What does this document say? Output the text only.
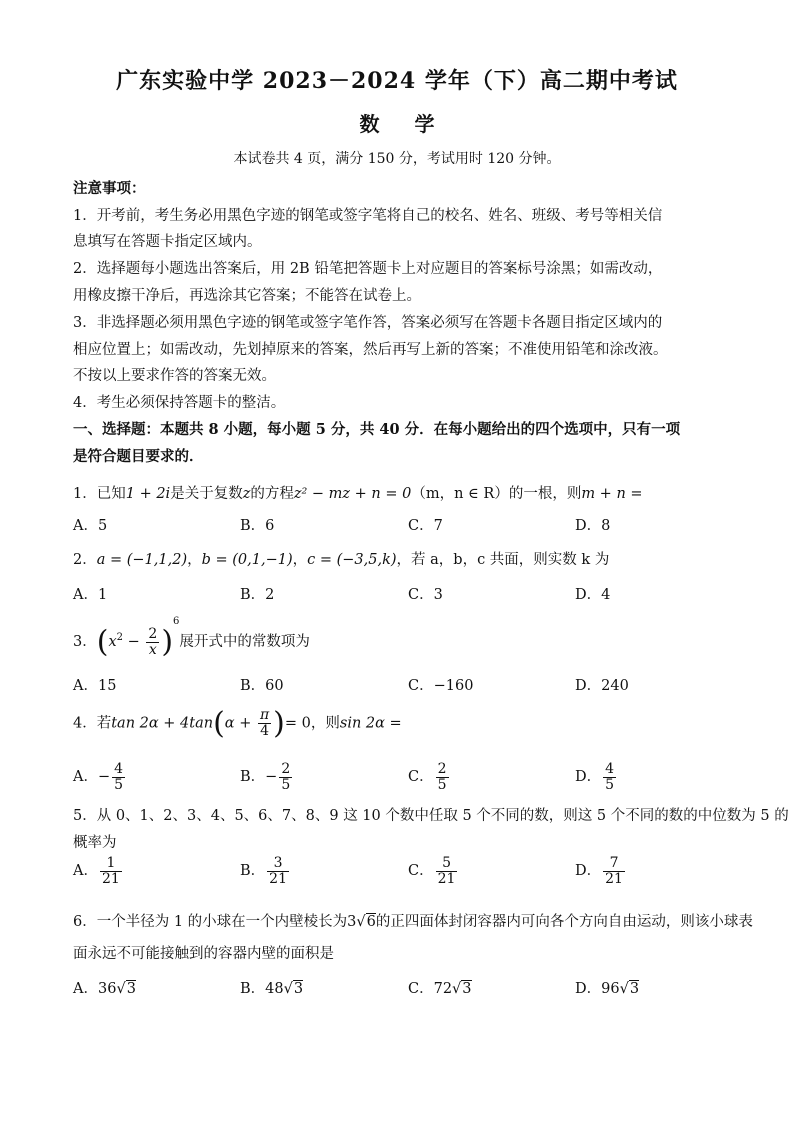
广东实验中学 2023－2024 学年（下）高二期中考试
数 学
本试卷共 4 页，满分 150 分，考试用时 120 分钟。
注意事项：
1．开考前，考生务必用黑色字迹的钢笔或签字笔将自己的校名、姓名、班级、考号等相关信
息填写在答题卡指定区域内。
2．选择题每小题选出答案后，用 2B 铅笔把答题卡上对应题目的答案标号涂黑；如需改动，
用橡皮擦干净后，再选涂其它答案；不能答在试卷上。
3．非选择题必须用黑色字迹的钢笔或签字笔作答，答案必须写在答题卡各题目指定区域内的
相应位置上；如需改动，先划掉原来的答案，然后再写上新的答案；不准使用铅笔和涂改液。
不按以上要求作答的答案无效。
4．考生必须保持答题卡的整洁。
一、选择题：本题共 8 小题，每小题 5 分，共 40 分．在每小题给出的四个选项中，只有一项
是符合题目要求的．
1．已知1 + 2i是关于复数z的方程z² − mz + n = 0（m，n ∈ R）的一根，则m + n =
A．5	B．6	C．7	D．8
2．a = (−1,1,2)，b = (0,1,−1)，c = (−3,5,k)，若 a，b，c 共面，则实数 k 为
A．1	B．2	C．3	D．4
3．$(x^2 - \frac{2}{x} )^6$展开式中的常数项为
A．15	B．60	C．−160	D．240
4．若$\tan 2\alpha + 4\tan(\alpha + \frac{\pi}{4}$ )= 0，则sin 2α =
A．− $\frac{4}{5}$	B．− $\frac{2}{5}$	C． $\frac{2}{5}$	D． $\frac{4}{5}$
5．从 0、1、2、3、4、5、6、7、8、9 这 10 个数中任取 5 个不同的数，则这 5 个不同的数的中位数为 5 的
概率为
A． $\frac{1}{21}$	B． $\frac{3}{21}$	C． $\frac{5}{21}$	D． $\frac{7}{21}$
6．一个半径为 1 的小球在一个内壁棱长为3√6的正四面体封闭容器内可向各个方向自由运动，则该小球表
面永远不可能接触到的容器内壁的面积是
A．36√3	B．48√3	C．72√3	D．96√3
